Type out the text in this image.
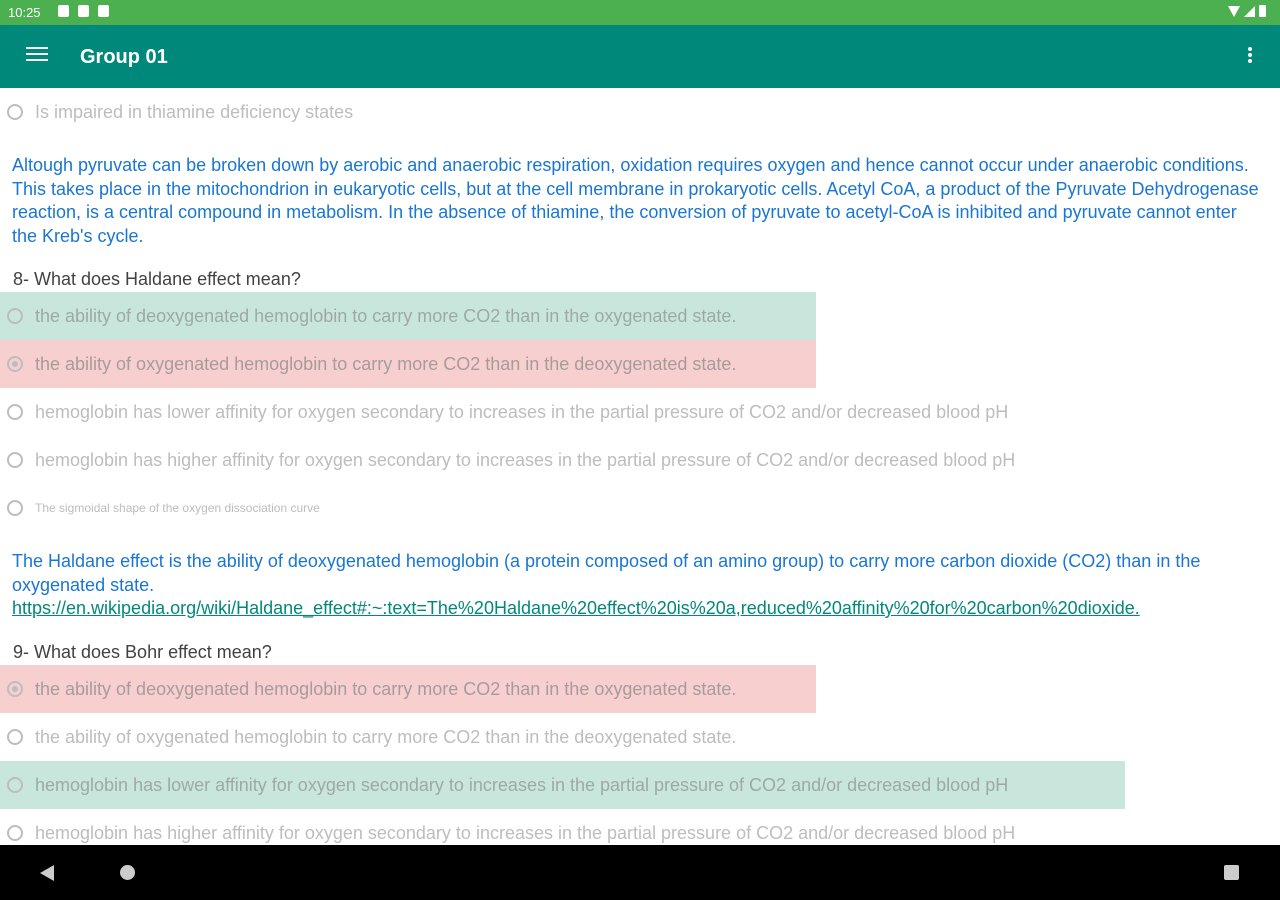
10:25
Group 01
Is impaired in thiamine deficiency states
Altough pyruvate can be broken down by aerobic and anaerobic respiration, oxidation requires oxygen and hence cannot occur under anaerobic conditions. This takes place in the mitochondrion in eukaryotic cells, but at the cell membrane in prokaryotic cells. Acetyl CoA, a product of the Pyruvate Dehydrogenase reaction, is a central compound in metabolism. In the absence of thiamine, the conversion of pyruvate to acetyl-CoA is inhibited and pyruvate cannot enter the Kreb's cycle.
8- What does Haldane effect mean?
the ability of deoxygenated hemoglobin to carry more CO2 than in the oxygenated state.
the ability of oxygenated hemoglobin to carry more CO2 than in the deoxygenated state.
hemoglobin has lower affinity for oxygen secondary to increases in the partial pressure of CO2 and/or decreased blood pH
hemoglobin has higher affinity for oxygen secondary to increases in the partial pressure of CO2 and/or decreased blood pH
The sigmoidal shape of the oxygen dissociation curve
The Haldane effect is the ability of deoxygenated hemoglobin (a protein composed of an amino group) to carry more carbon dioxide (CO2) than in the oxygenated state.
https://en.wikipedia.org/wiki/Haldane_effect#:~:text=The%20Haldane%20effect%20is%20a,reduced%20affinity%20for%20carbon%20dioxide.
9- What does Bohr effect mean?
the ability of deoxygenated hemoglobin to carry more CO2 than in the oxygenated state.
the ability of oxygenated hemoglobin to carry more CO2 than in the deoxygenated state.
hemoglobin has lower affinity for oxygen secondary to increases in the partial pressure of CO2 and/or decreased blood pH
hemoglobin has higher affinity for oxygen secondary to increases in the partial pressure of CO2 and/or decreased blood pH
